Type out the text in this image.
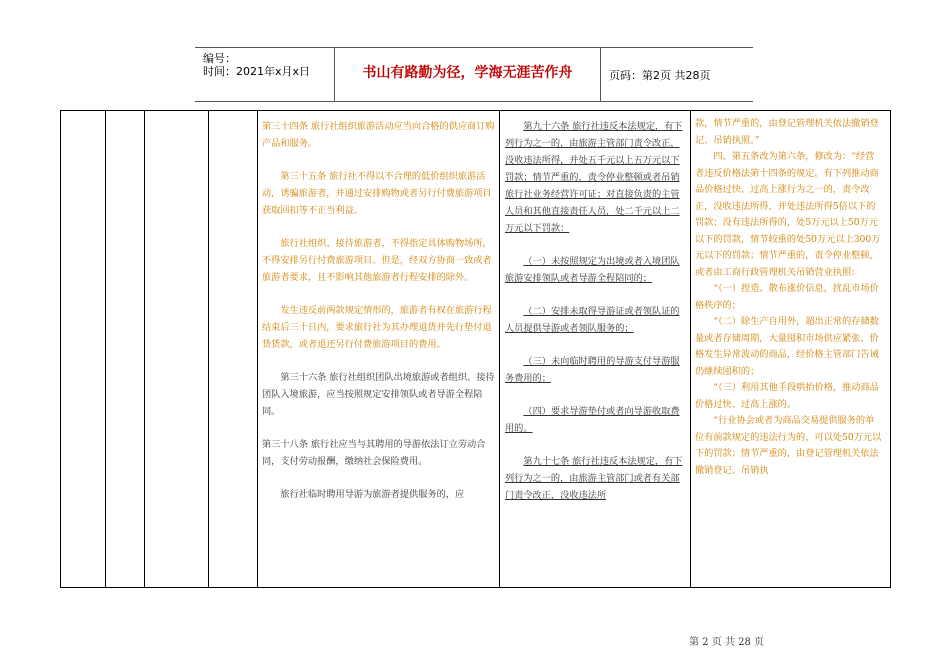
编号：
时间：2021年x月x日	书山有路勤为径，学海无涯苦作舟	页码：第2页 共28页
第三十四条 旅行社组织旅游活动应当向合格的供应商订购产品和服务。
第三十五条 旅行社不得以不合理的低价组织旅游活动，诱骗旅游者，并通过安排购物或者另行付费旅游项目获取回扣等不正当利益。
旅行社组织、接待旅游者，不得指定具体购物场所，不得安排另行付费旅游项目。但是，经双方协商一致或者旅游者要求，且不影响其他旅游者行程安排的除外。
发生违反前两款规定情形的，旅游者有权在旅游行程结束后三十日内，要求旅行社为其办理退货并先行垫付退货货款，或者退还另行付费旅游项目的费用。
第三十六条 旅行社组织团队出境旅游或者组织、接待团队入境旅游，应当按照规定安排领队或者导游全程陪同。
第三十八条 旅行社应当与其聘用的导游依法订立劳动合同，支付劳动报酬，缴纳社会保险费用。
旅行社临时聘用导游为旅游者提供服务的，应
第九十六条 旅行社违反本法规定，有下列行为之一的，由旅游主管部门责令改正，没收违法所得，并处五千元以上五万元以下罚款；情节严重的，责令停业整顿或者吊销旅行社业务经营许可证；对直接负责的主管人员和其他直接责任人员，处二千元以上二万元以下罚款：
（一）未按照规定为出境或者入境团队旅游安排领队或者导游全程陪同的；
（二）安排未取得导游证或者领队证的人员提供导游或者领队服务的；
（三）未向临时聘用的导游支付导游服务费用的；
（四）要求导游垫付或者向导游收取费用的。
第九十七条 旅行社违反本法规定，有下列行为之一的，由旅游主管部门或者有关部门责令改正，没收违法所
款，情节严重的，由登记管理机关依法撤销登记、吊销执照。”
四、第五条改为第六条，修改为：“经营者违反价格法第十四条的规定，有下列推动商品价格过快、过高上涨行为之一的，责令改正，没收违法所得，并处违法所得5倍以下的罚款；没有违法所得的，处5万元以上50万元以下的罚款，情节较重的处50万元以上300万元以下的罚款；情节严重的，责令停业整顿，或者由工商行政管理机关吊销营业执照：
“（一）捏造、散布涨价信息，扰乱市场价格秩序的；
“（二）除生产自用外，超出正常的存储数量或者存储周期，大量囤积市场供应紧张、价格发生异常波动的商品，经价格主管部门告诫仍继续囤积的；
“（三）利用其他手段哄抬价格，推动商品价格过快、过高上涨的。
“行业协会或者为商品交易提供服务的单位有前款规定的违法行为的，可以处50万元以下的罚款；情节严重的，由登记管理机关依法撤销登记、吊销执
第 2 页 共 28 页
